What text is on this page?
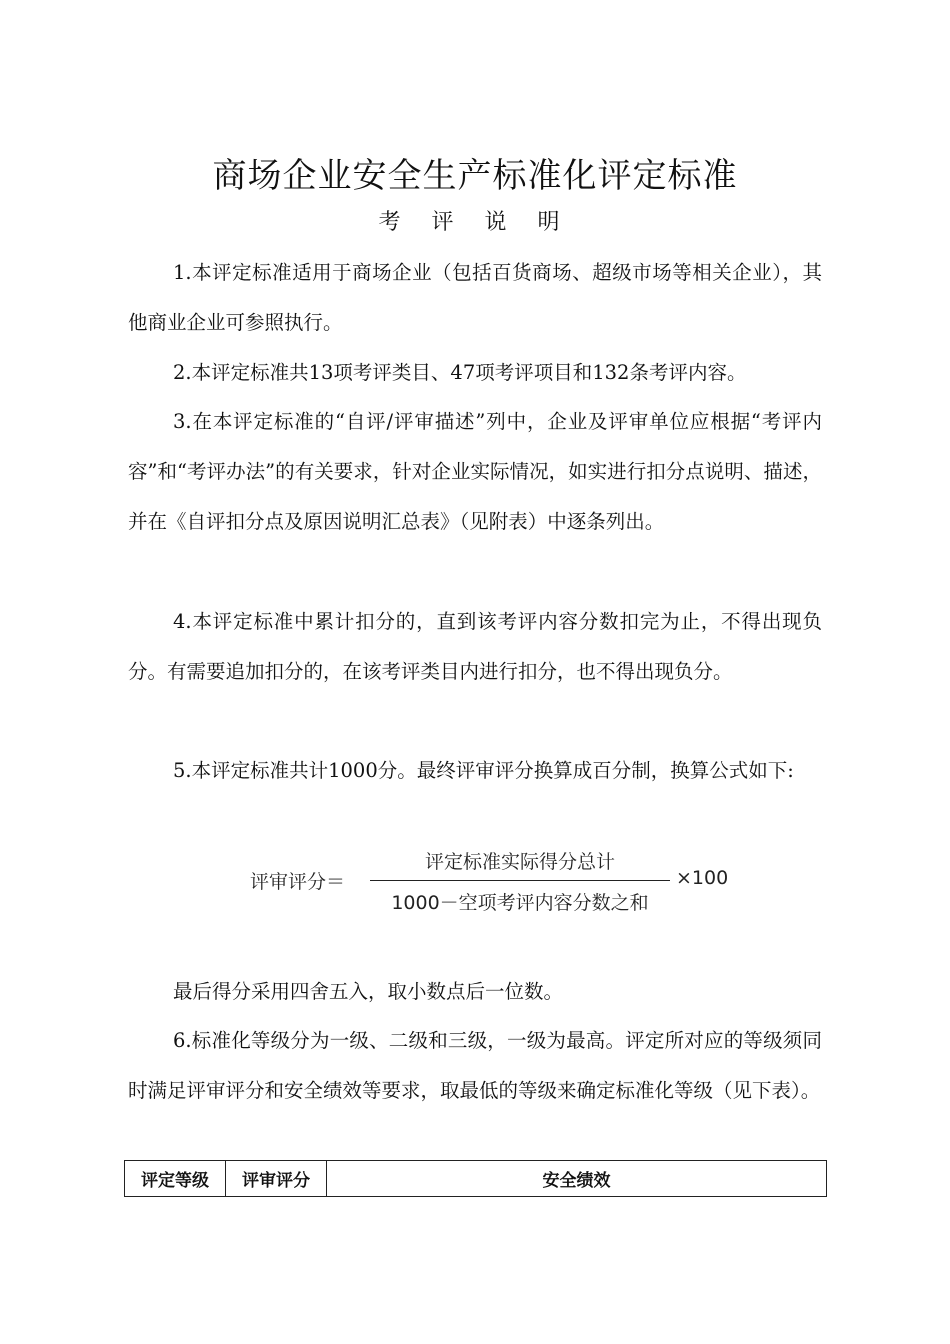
商场企业安全生产标准化评定标准
考 评 说 明
1.本评定标准适用于商场企业（包括百货商场、超级市场等相关企业），其他商业企业可参照执行。
2.本评定标准共13项考评类目、47项考评项目和132条考评内容。
3.在本评定标准的“自评/评审描述”列中，企业及评审单位应根据“考评内容”和“考评办法”的有关要求，针对企业实际情况，如实进行扣分点说明、描述，并在《自评扣分点及原因说明汇总表》（见附表）中逐条列出。
4.本评定标准中累计扣分的，直到该考评内容分数扣完为止，不得出现负分。有需要追加扣分的，在该考评类目内进行扣分，也不得出现负分。
5.本评定标准共计1000分。最终评审评分换算成百分制，换算公式如下:
评审评分＝
评定标准实际得分总计
1000－空项考评内容分数之和
×100
最后得分采用四舍五入，取小数点后一位数。
6.标准化等级分为一级、二级和三级，一级为最高。评定所对应的等级须同时满足评审评分和安全绩效等要求，取最低的等级来确定标准化等级（见下表）。
评定等级	评审评分	安全绩效
